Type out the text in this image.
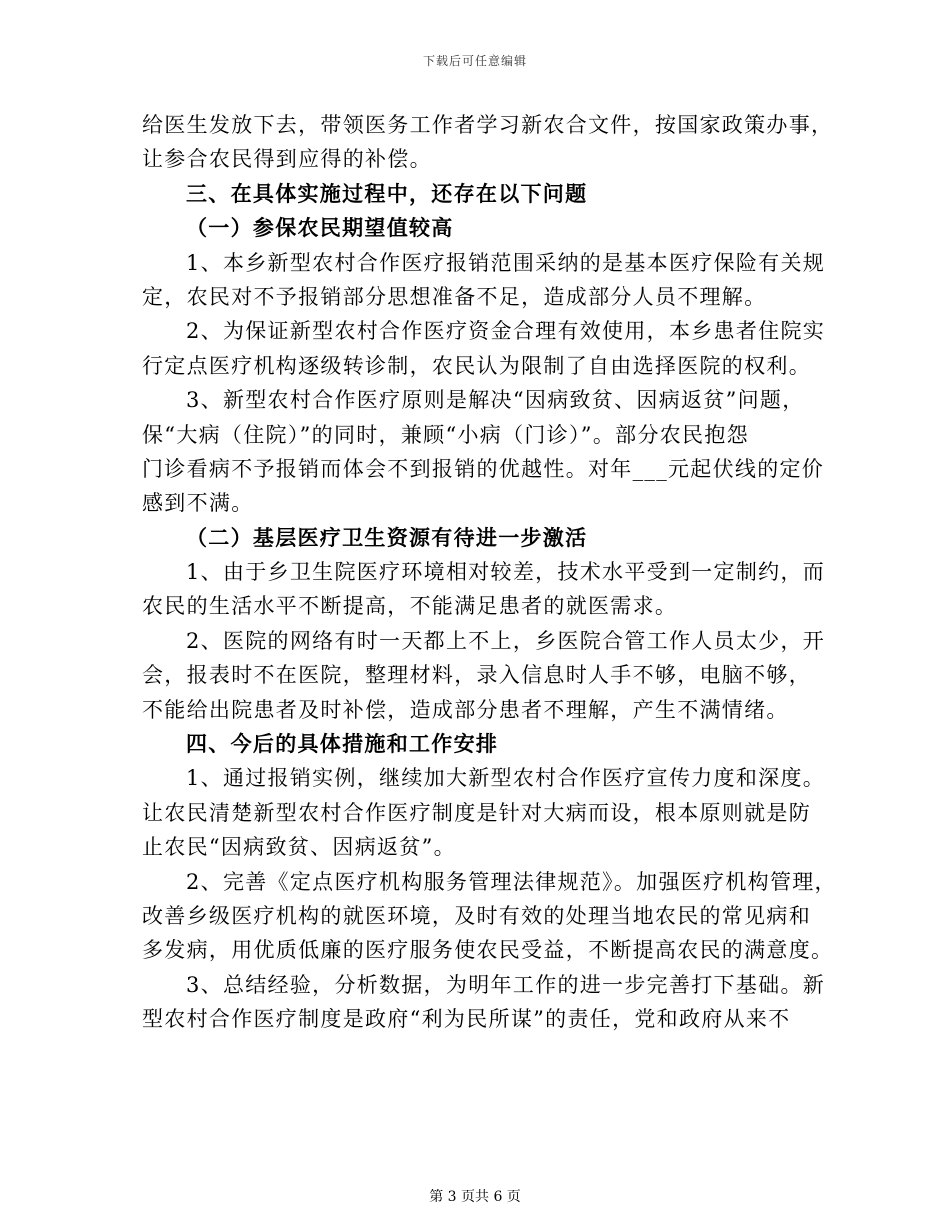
下载后可任意编辑
给医生发放下去，带领医务工作者学习新农合文件，按国家政策办事，
让参合农民得到应得的补偿。
三、在具体实施过程中，还存在以下问题
（一）参保农民期望值较高
1、本乡新型农村合作医疗报销范围采纳的是基本医疗保险有关规
定，农民对不予报销部分思想准备不足，造成部分人员不理解。
2、为保证新型农村合作医疗资金合理有效使用，本乡患者住院实
行定点医疗机构逐级转诊制，农民认为限制了自由选择医院的权利。
3、新型农村合作医疗原则是解决“因病致贫、因病返贫”问题，
保“大病（住院）”的同时，兼顾“小病（门诊）”。部分农民抱怨
门诊看病不予报销而体会不到报销的优越性。对年___元起伏线的定价
感到不满。
（二）基层医疗卫生资源有待进一步激活
1、由于乡卫生院医疗环境相对较差，技术水平受到一定制约，而
农民的生活水平不断提高，不能满足患者的就医需求。
2、医院的网络有时一天都上不上，乡医院合管工作人员太少，开
会，报表时不在医院，整理材料，录入信息时人手不够，电脑不够，
不能给出院患者及时补偿，造成部分患者不理解，产生不满情绪。
四、今后的具体措施和工作安排
1、通过报销实例，继续加大新型农村合作医疗宣传力度和深度。
让农民清楚新型农村合作医疗制度是针对大病而设，根本原则就是防
止农民“因病致贫、因病返贫”。
2、完善《定点医疗机构服务管理法律规范》。加强医疗机构管理，
改善乡级医疗机构的就医环境，及时有效的处理当地农民的常见病和
多发病，用优质低廉的医疗服务使农民受益，不断提高农民的满意度。
3、总结经验，分析数据，为明年工作的进一步完善打下基础。新
型农村合作医疗制度是政府“利为民所谋”的责任，党和政府从来不
第 3 页共 6 页
